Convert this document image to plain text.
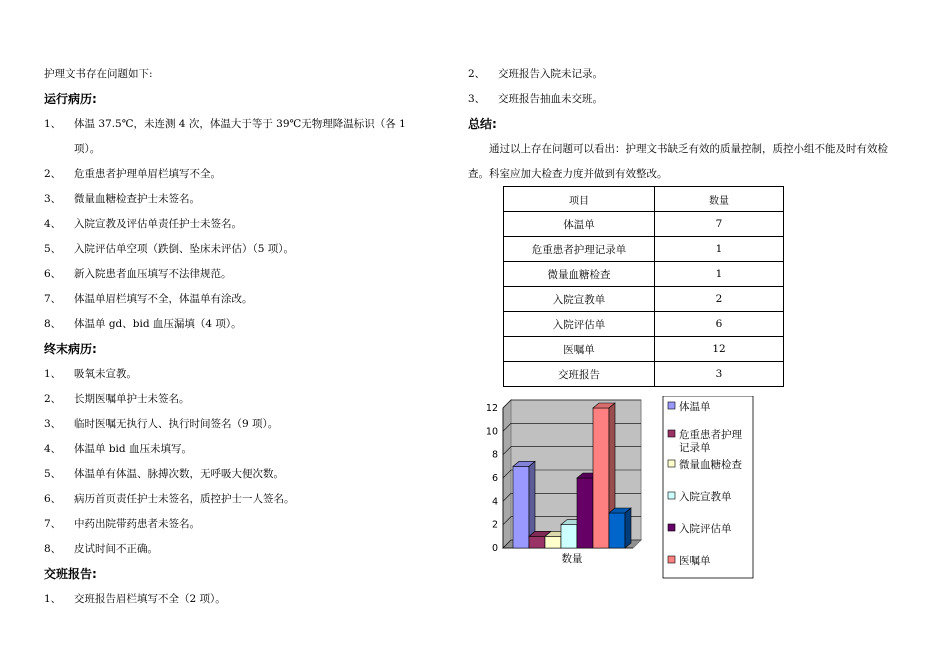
护理文书存在问题如下:
运行病历:
1、	体温 37.5℃，未连测 4 次，体温大于等于 39℃无物理降温标识（各 1
项）。
2、	危重患者护理单眉栏填写不全。
3、	微量血糖检查护士未签名。
4、	入院宣教及评估单责任护士未签名。
5、	入院评估单空项（跌倒、坠床未评估）（5 项）。
6、	新入院患者血压填写不法律规范。
7、	体温单眉栏填写不全，体温单有涂改。
8、	体温单 gd、bid 血压漏填（4 项）。
终末病历:
1、	吸氧未宣教。
2、	长期医嘱单护士未签名。
3、	临时医嘱无执行人、执行时间签名（9 项）。
4、	体温单 bid 血压未填写。
5、	体温单有体温、脉搏次数，无呼吸大便次数。
6、	病历首页责任护士未签名，质控护士一人签名。
7、	中药出院带药患者未签名。
8、	皮试时间不正确。
交班报告:
1、	交班报告眉栏填写不全（2 项）。
2、	交班报告入院未记录。
3、	交班报告抽血未交班。
总结:

通过以上存在问题可以看出：护理文书缺乏有效的质量控制，质控小组不能及时有效检查。科室应加大检查力度并做到有效整改。

项目	数量
体温单	7
危重患者护理记录单	1
微量血糖检查	1
入院宣教单	2
入院评估单	6
医嘱单	12
交班报告	3
0
2
4
6
8
10
12
数量
体温单
危重患者护理
记录单
微量血糖检查
入院宣教单
入院评估单
医嘱单
